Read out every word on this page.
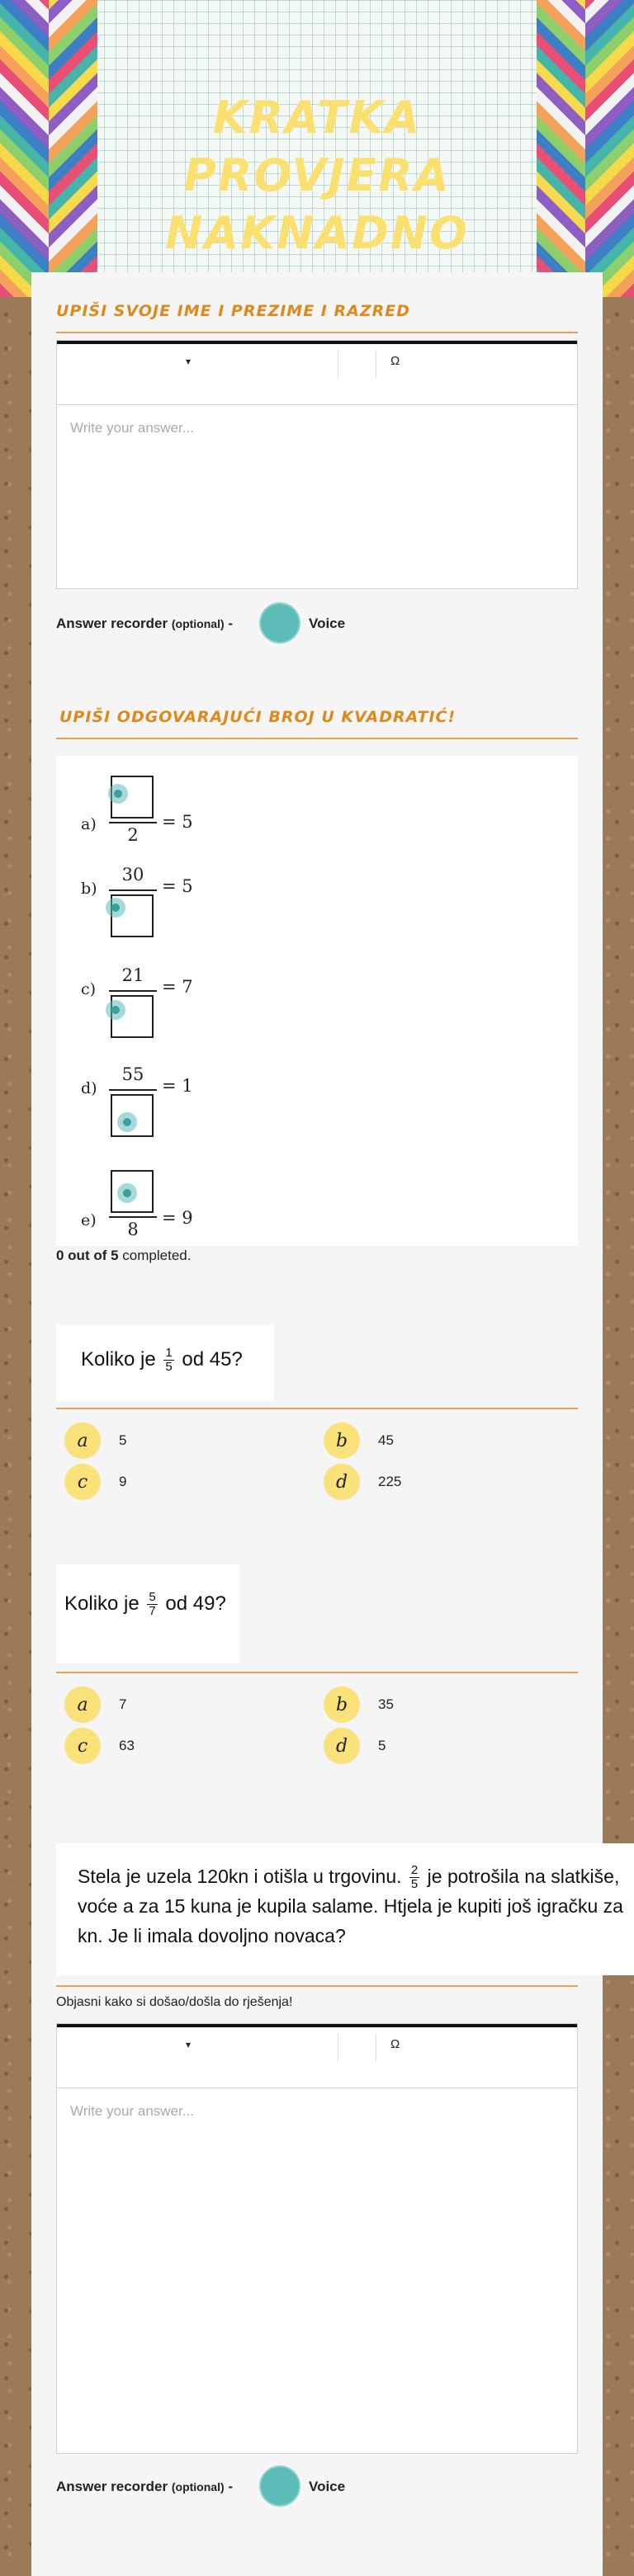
KRATKA PROVJERA
NAKNADNO
UPIŠI SVOJE IME I PREZIME I RAZRED
▾	Ω
Write your answer...
Answer recorder (optional) -	Voice
UPIŠI ODGOVARAJUĆI BROJ U KVADRATIĆ!
a)
2
= 5
b)
30
= 5
c)
21
= 7
d)
55
= 1
e)	8
= 9
0 out of 5 completed.
Koliko je $\frac{1}{5}$ od 45?
a	5	b	45
c	9	d	225
Koliko je $\frac{5}{7}$ od 49?
a	7	b	35
c	63	d	5
Stela je uzela 120kn i otišla u trgovinu. $\frac{2}{5}$ je potrošila na slatkiše,
voće a za 15 kuna je kupila salame. Htjela je kupiti još igračku za
kn. Je li imala dovoljno novaca?
Objasni kako si došao/došla do rješenja!
▾	Ω
Write your answer...
Answer recorder (optional) -	Voice
